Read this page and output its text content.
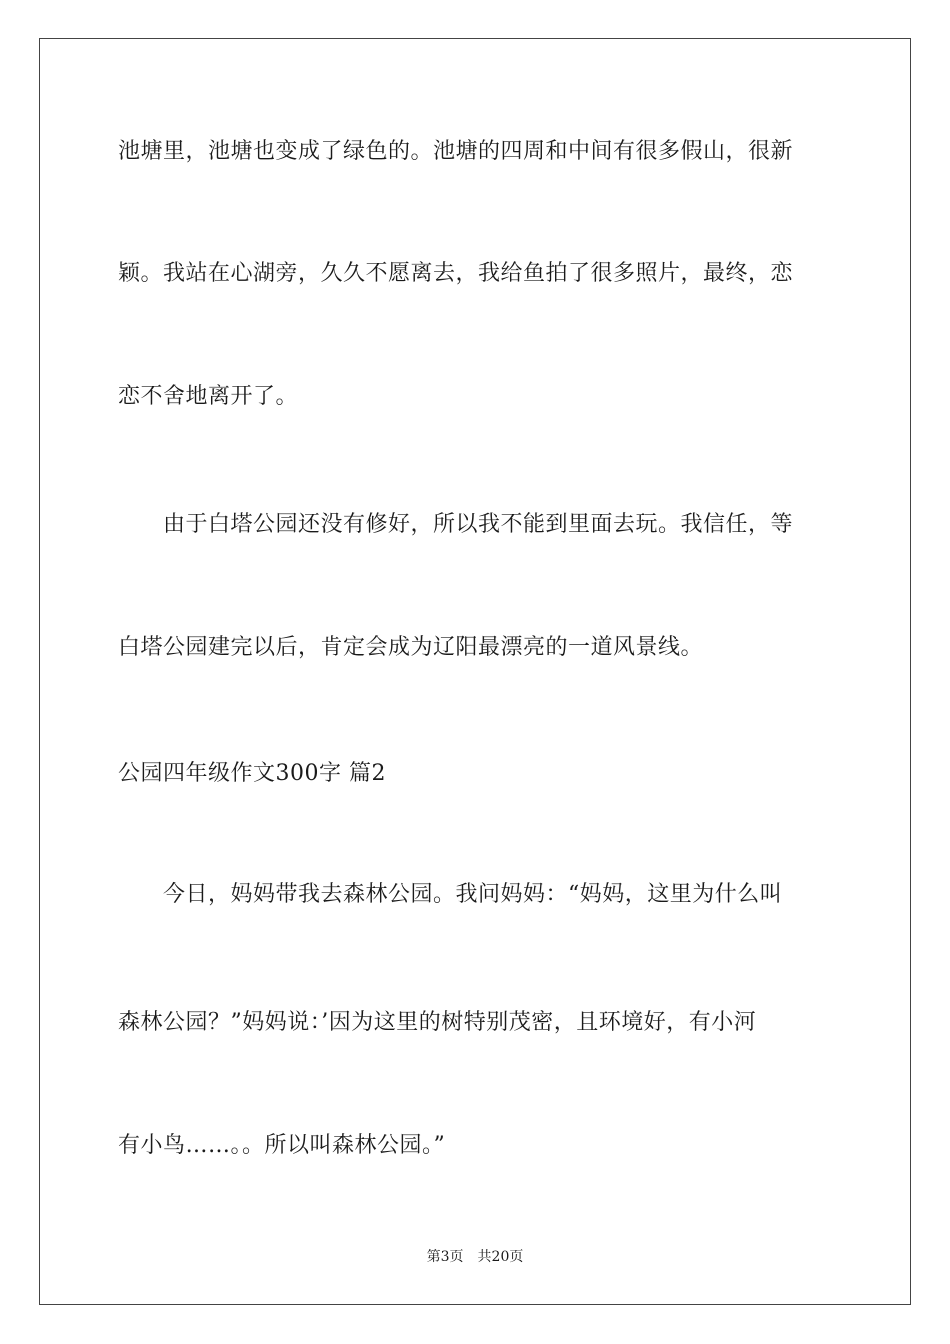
池塘里，池塘也变成了绿色的。池塘的四周和中间有很多假山，很新
颖。我站在心湖旁，久久不愿离去，我给鱼拍了很多照片，最终，恋
恋不舍地离开了。
　　由于白塔公园还没有修好，所以我不能到里面去玩。我信任，等
白塔公园建完以后，肯定会成为辽阳最漂亮的一道风景线。
公园四年级作文300字 篇2
　　今日，妈妈带我去森林公园。我问妈妈：“妈妈，这里为什么叫
森林公园？”妈妈说：’因为这里的树特别茂密，且环境好，有小河
有小鸟……。。所以叫森林公园。”
第3页　共20页
